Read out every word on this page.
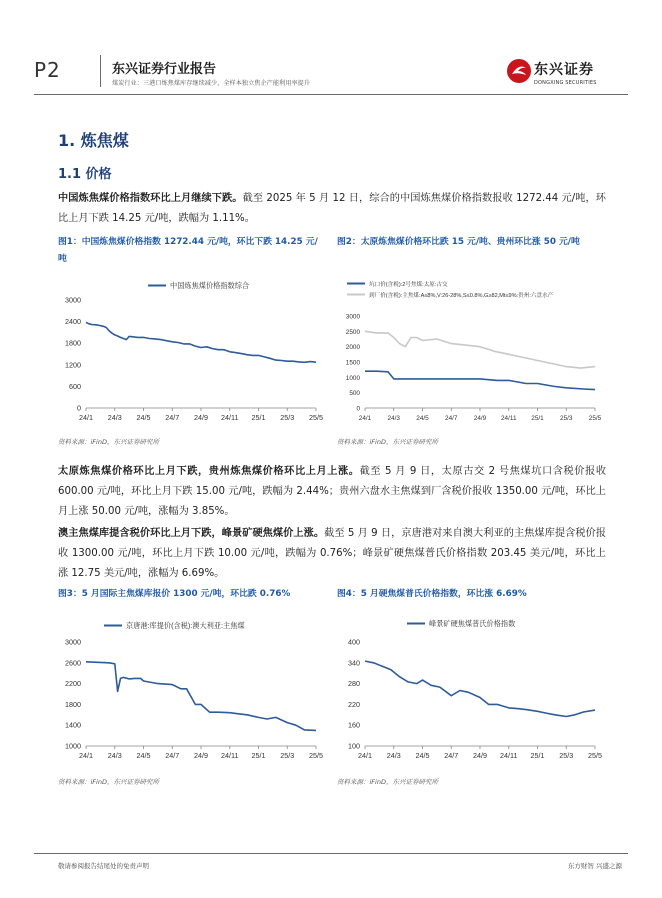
P2	东兴证券行业报告
煤炭行业：三港口炼焦煤库存继续减少，全样本独立焦企产能利用率提升
东兴证券
DONGXING SECURITIES
1. 炼焦煤
1.1 价格
中国炼焦煤价格指数环比上月继续下跌。截至 2025 年 5 月 12 日，综合的中国炼焦煤价格指数报收 1272.44 元/吨，环比上月下跌 14.25 元/吨，跌幅为 1.11%。
图1：中国炼焦煤价格指数 1272.44 元/吨，环比下跌 14.25 元/吨
图2：太原炼焦煤价格环比跌 15 元/吨、贵州环比涨 50 元/吨
0
600
1200
1800
2400
3000
24/1 24/3 24/5 24/7 24/9 24/11 25/1 25/3 25/5
中国炼焦煤价格指数综合
0
500
1000
1500
2000
2500
3000
24/1	24/3	24/5	24/7	24/9 24/11 25/1	25/3	25/5
坑口价(含税):2号焦煤:太原:古交
到厂价(含税):主焦煤:A≤8%,V:26-28%,S≤0.8%,G≥82,Mt≤9%:贵州:六盘水产
资料来源：iFinD，东兴证券研究所	资料来源：iFinD，东兴证券研究所
太原炼焦煤价格环比上月下跌，贵州炼焦煤价格环比上月上涨。截至 5 月 9 日，太原古交 2 号焦煤坑口含税价报收 600.00 元/吨，环比上月下跌 15.00 元/吨，跌幅为 2.44%；贵州六盘水主焦煤到厂含税价报收 1350.00 元/吨，环比上月上涨 50.00 元/吨，涨幅为 3.85%。
澳主焦煤库提含税价环比上月下跌，峰景矿硬焦煤价上涨。截至 5 月 9 日，京唐港对来自澳大利亚的主焦煤库提含税价报收 1300.00 元/吨，环比上月下跌 10.00 元/吨，跌幅为 0.76%；峰景矿硬焦煤普氏价格指数 203.45 美元/吨，环比上涨 12.75 美元/吨，涨幅为 6.69%。
图3：5 月国际主焦煤库报价 1300 元/吨，环比跌 0.76%	图4：5 月硬焦煤普氏价格指数，环比涨 6.69%
1000
1400
1800
2200
2600
3000
24/1 24/3 24/5 24/7 24/9 24/11 25/1 25/3 25/5
京唐港:库提价(含税):澳大利亚:主焦煤
100
160
220
280
340
400
24/1 24/3 24/5 24/7 24/9 24/11 25/1 25/3 25/5
峰景矿硬焦煤普氏价格指数
资料来源：iFinD，东兴证券研究所	资料来源：iFinD，东兴证券研究所
敬请参阅报告结尾处的免责声明	东方财智 兴盛之源
